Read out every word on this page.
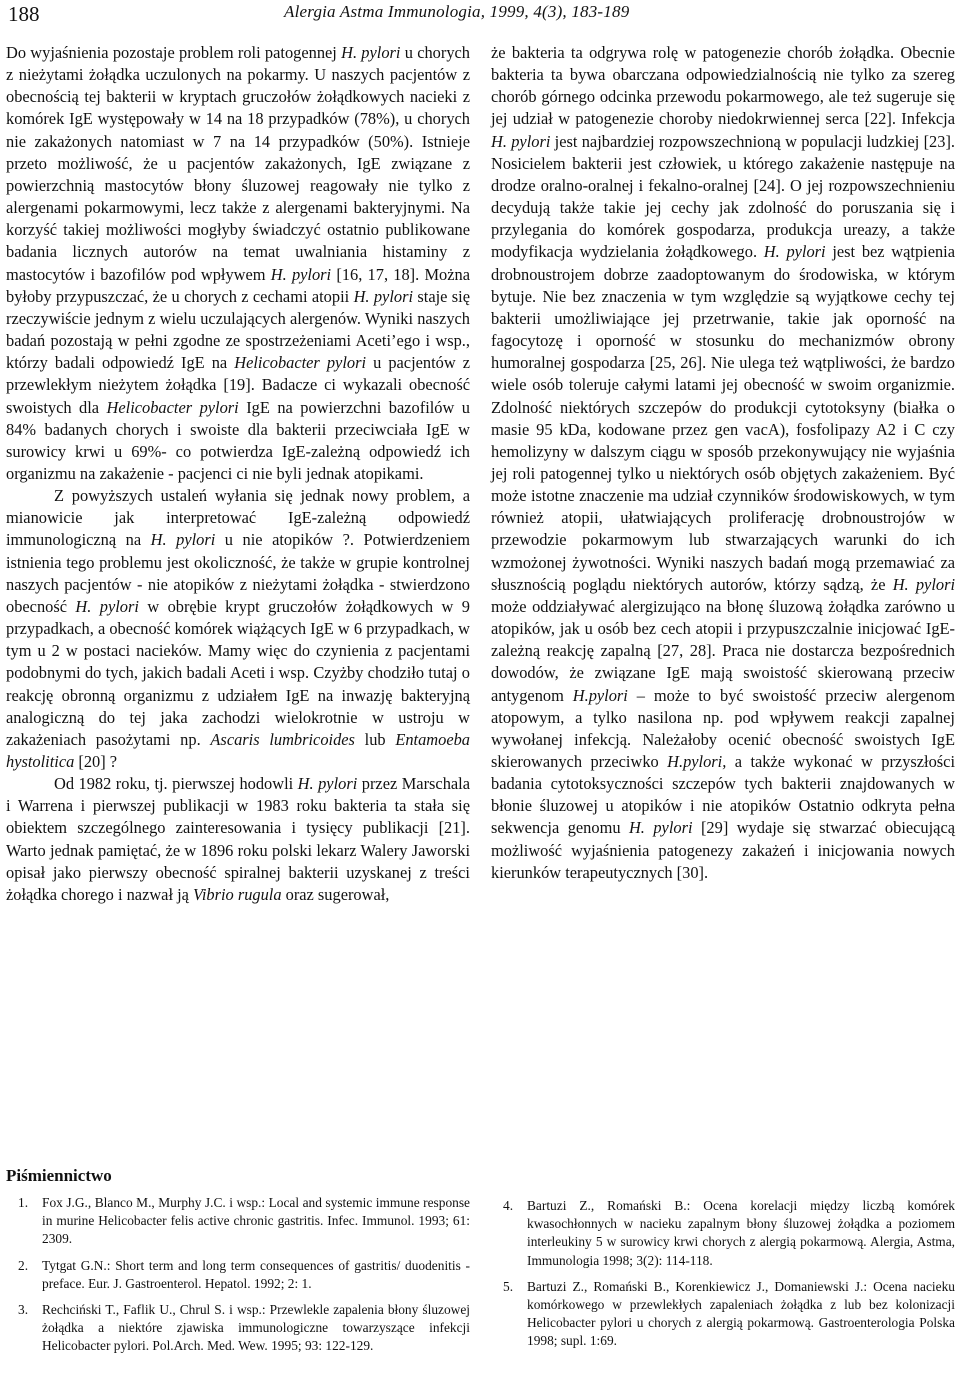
188	Alergia Astma Immunologia, 1999, 4(3), 183-189

Do wyjaśnienia pozostaje problem roli patogennej H. pylori u chorych z nieżytami żołądka uczulonych na pokarmy. U naszych pacjentów z obecnością tej bakterii w kryptach gruczołów żołądkowych nacieki z komórek IgE występowały w 14 na 18 przypadków (78%), u chorych nie zakażonych natomiast w 7 na 14 przypadków (50%). Istnieje przeto możliwość, że u pacjentów zakażonych, IgE związane z powierzchnią mastocytów błony śluzowej reagowały nie tylko z alergenami pokarmowymi, lecz także z alergenami bakteryjnymi. Na korzyść takiej możliwości mogłyby świadczyć ostatnio publikowane badania licznych autorów na temat uwalniania histaminy z mastocytów i bazofilów pod wpływem H. pylori [16, 17, 18]. Można byłoby przypuszczać, że u chorych z cechami atopii H. pylori staje się rzeczywiście jednym z wielu uczulających alergenów. Wyniki naszych badań pozostają w pełni zgodne ze spostrzeżeniami Aceti’ego i wsp., którzy badali odpowiedź IgE na Helicobacter pylori u pacjentów z przewlekłym nieżytem żołądka [19]. Badacze ci wykazali obecność swoistych dla Helicobacter pylori IgE na powierzchni bazofilów u 84% badanych chorych i swoiste dla bakterii przeciwciała IgE w surowicy krwi u 69%- co potwierdza IgE-zależną odpowiedź ich organizmu na zakażenie - pacjenci ci nie byli jednak atopikami.

Z powyższych ustaleń wyłania się jednak nowy problem, a mianowicie jak interpretować IgE-zależną odpowiedź immunologiczną na H. pylori u nie atopików ?. Potwierdzeniem istnienia tego problemu jest okoliczność, że także w grupie kontrolnej naszych pacjentów - nie atopików z nieżytami żołądka - stwierdzono obecność H. pylori w obrębie krypt gruczołów żołądkowych w 9 przypadkach, a obecność komórek wiążących IgE w 6 przypadkach, w tym u 2 w postaci nacieków. Mamy więc do czynienia z pacjentami podobnymi do tych, jakich badali Aceti i wsp. Czyżby chodziło tutaj o reakcję obronną organizmu z udziałem IgE na inwazję bakteryjną analogiczną do tej jaka zachodzi wielokrotnie w ustroju w zakażeniach pasożytami np. Ascaris lumbricoides lub Entamoeba hystolitica [20] ?

Od 1982 roku, tj. pierwszej hodowli H. pylori przez Marschala i Warrena i pierwszej publikacji w 1983 roku bakteria ta stała się obiektem szczególnego zainteresowania i tysięcy publikacji [21]. Warto jednak pamiętać, że w 1896 roku polski lekarz Walery Jaworski opisał jako pierwszy obecność spiralnej bakterii uzyskanej z treści żołądka chorego i nazwał ją Vibrio rugula oraz sugerował,

że bakteria ta odgrywa rolę w patogenezie chorób żołądka. Obecnie bakteria ta bywa obarczana odpowiedzialnością nie tylko za szereg chorób górnego odcinka przewodu pokarmowego, ale też sugeruje się jej udział w patogenezie choroby niedokrwiennej serca [22]. Infekcja H. pylori jest najbardziej rozpowszechnioną w populacji ludzkiej [23]. Nosicielem bakterii jest człowiek, u którego zakażenie następuje na drodze oralno-oralnej i fekalno-oralnej [24]. O jej rozpowszechnieniu decydują także takie jej cechy jak zdolność do poruszania się i przylegania do komórek gospodarza, produkcja ureazy, a także modyfikacja wydzielania żołądkowego. H. pylori jest bez wątpienia drobnoustrojem dobrze zaadoptowanym do środowiska, w którym bytuje. Nie bez znaczenia w tym względzie są wyjątkowe cechy tej bakterii umożliwiające jej przetrwanie, takie jak oporność na fagocytozę i oporność w stosunku do mechanizmów obrony humoralnej gospodarza [25, 26]. Nie ulega też wątpliwości, że bardzo wiele osób toleruje całymi latami jej obecność w swoim organizmie. Zdolność niektórych szczepów do produkcji cytotoksyny (białka o masie 95 kDa, kodowane przez gen vacA), fosfolipazy A2 i C czy hemolizyny w dalszym ciągu w sposób przekonywujący nie wyjaśnia jej roli patogennej tylko u niektórych osób objętych zakażeniem. Być może istotne znaczenie ma udział czynników środowiskowych, w tym również atopii, ułatwiających proliferację drobnoustrojów w przewodzie pokarmowym lub stwarzających warunki do ich wzmożonej żywotności. Wyniki naszych badań mogą przemawiać za słusznością poglądu niektórych autorów, którzy sądzą, że H. pylori może oddziaływać alergizująco na błonę śluzową żołądka zarówno u atopików, jak u osób bez cech atopii i przypuszczalnie inicjować IgE-zależną reakcję zapalną [27, 28]. Praca nie dostarcza bezpośrednich dowodów, że związane IgE mają swoistość skierowaną przeciw antygenom H.pylori – może to być swoistość przeciw alergenom atopowym, a tylko nasilona np. pod wpływem reakcji zapalnej wywołanej infekcją. Należałoby ocenić obecność swoistych IgE skierowanych przeciwko H.pylori, a także wykonać w przyszłości badania cytotoksyczności szczepów tych bakterii znajdowanych w błonie śluzowej u atopików i nie atopików Ostatnio odkryta pełna sekwencja genomu H. pylori [29] wydaje się stwarzać obiecującą możliwość wyjaśnienia patogenezy zakażeń i inicjowania nowych kierunków terapeutycznych [30].

Piśmiennictwo
1. Fox J.G., Blanco M., Murphy J.C. i wsp.: Local and systemic immune response in murine Helicobacter felis active chronic gastritis. Infec. Immunol. 1993; 61: 2309.
2. Tytgat G.N.: Short term and long term consequences of gastritis/ duodenitis - preface. Eur. J. Gastroenterol. Hepatol. 1992; 2: 1.
3. Rechciński T., Faflik U., Chrul S. i wsp.: Przewlekle zapalenia błony śluzowej żołądka a niektóre zjawiska immunologiczne towarzyszące infekcji Helicobacter pylori. Pol.Arch. Med. Wew. 1995; 93: 122-129.
4. Bartuzi Z., Romański B.: Ocena korelacji między liczbą komórek kwasochłonnych w nacieku zapalnym błony śluzowej żołądka a poziomem interleukiny 5 w surowicy krwi chorych z alergią pokarmową. Alergia, Astma, Immunologia 1998; 3(2): 114-118.
5. Bartuzi Z., Romański B., Korenkiewicz J., Domaniewski J.: Ocena nacieku komórkowego w przewlekłych zapaleniach żołądka z lub bez kolonizacji Helicobacter pylori u chorych z alergią pokarmową. Gastroenterologia Polska 1998; supl. 1:69.
